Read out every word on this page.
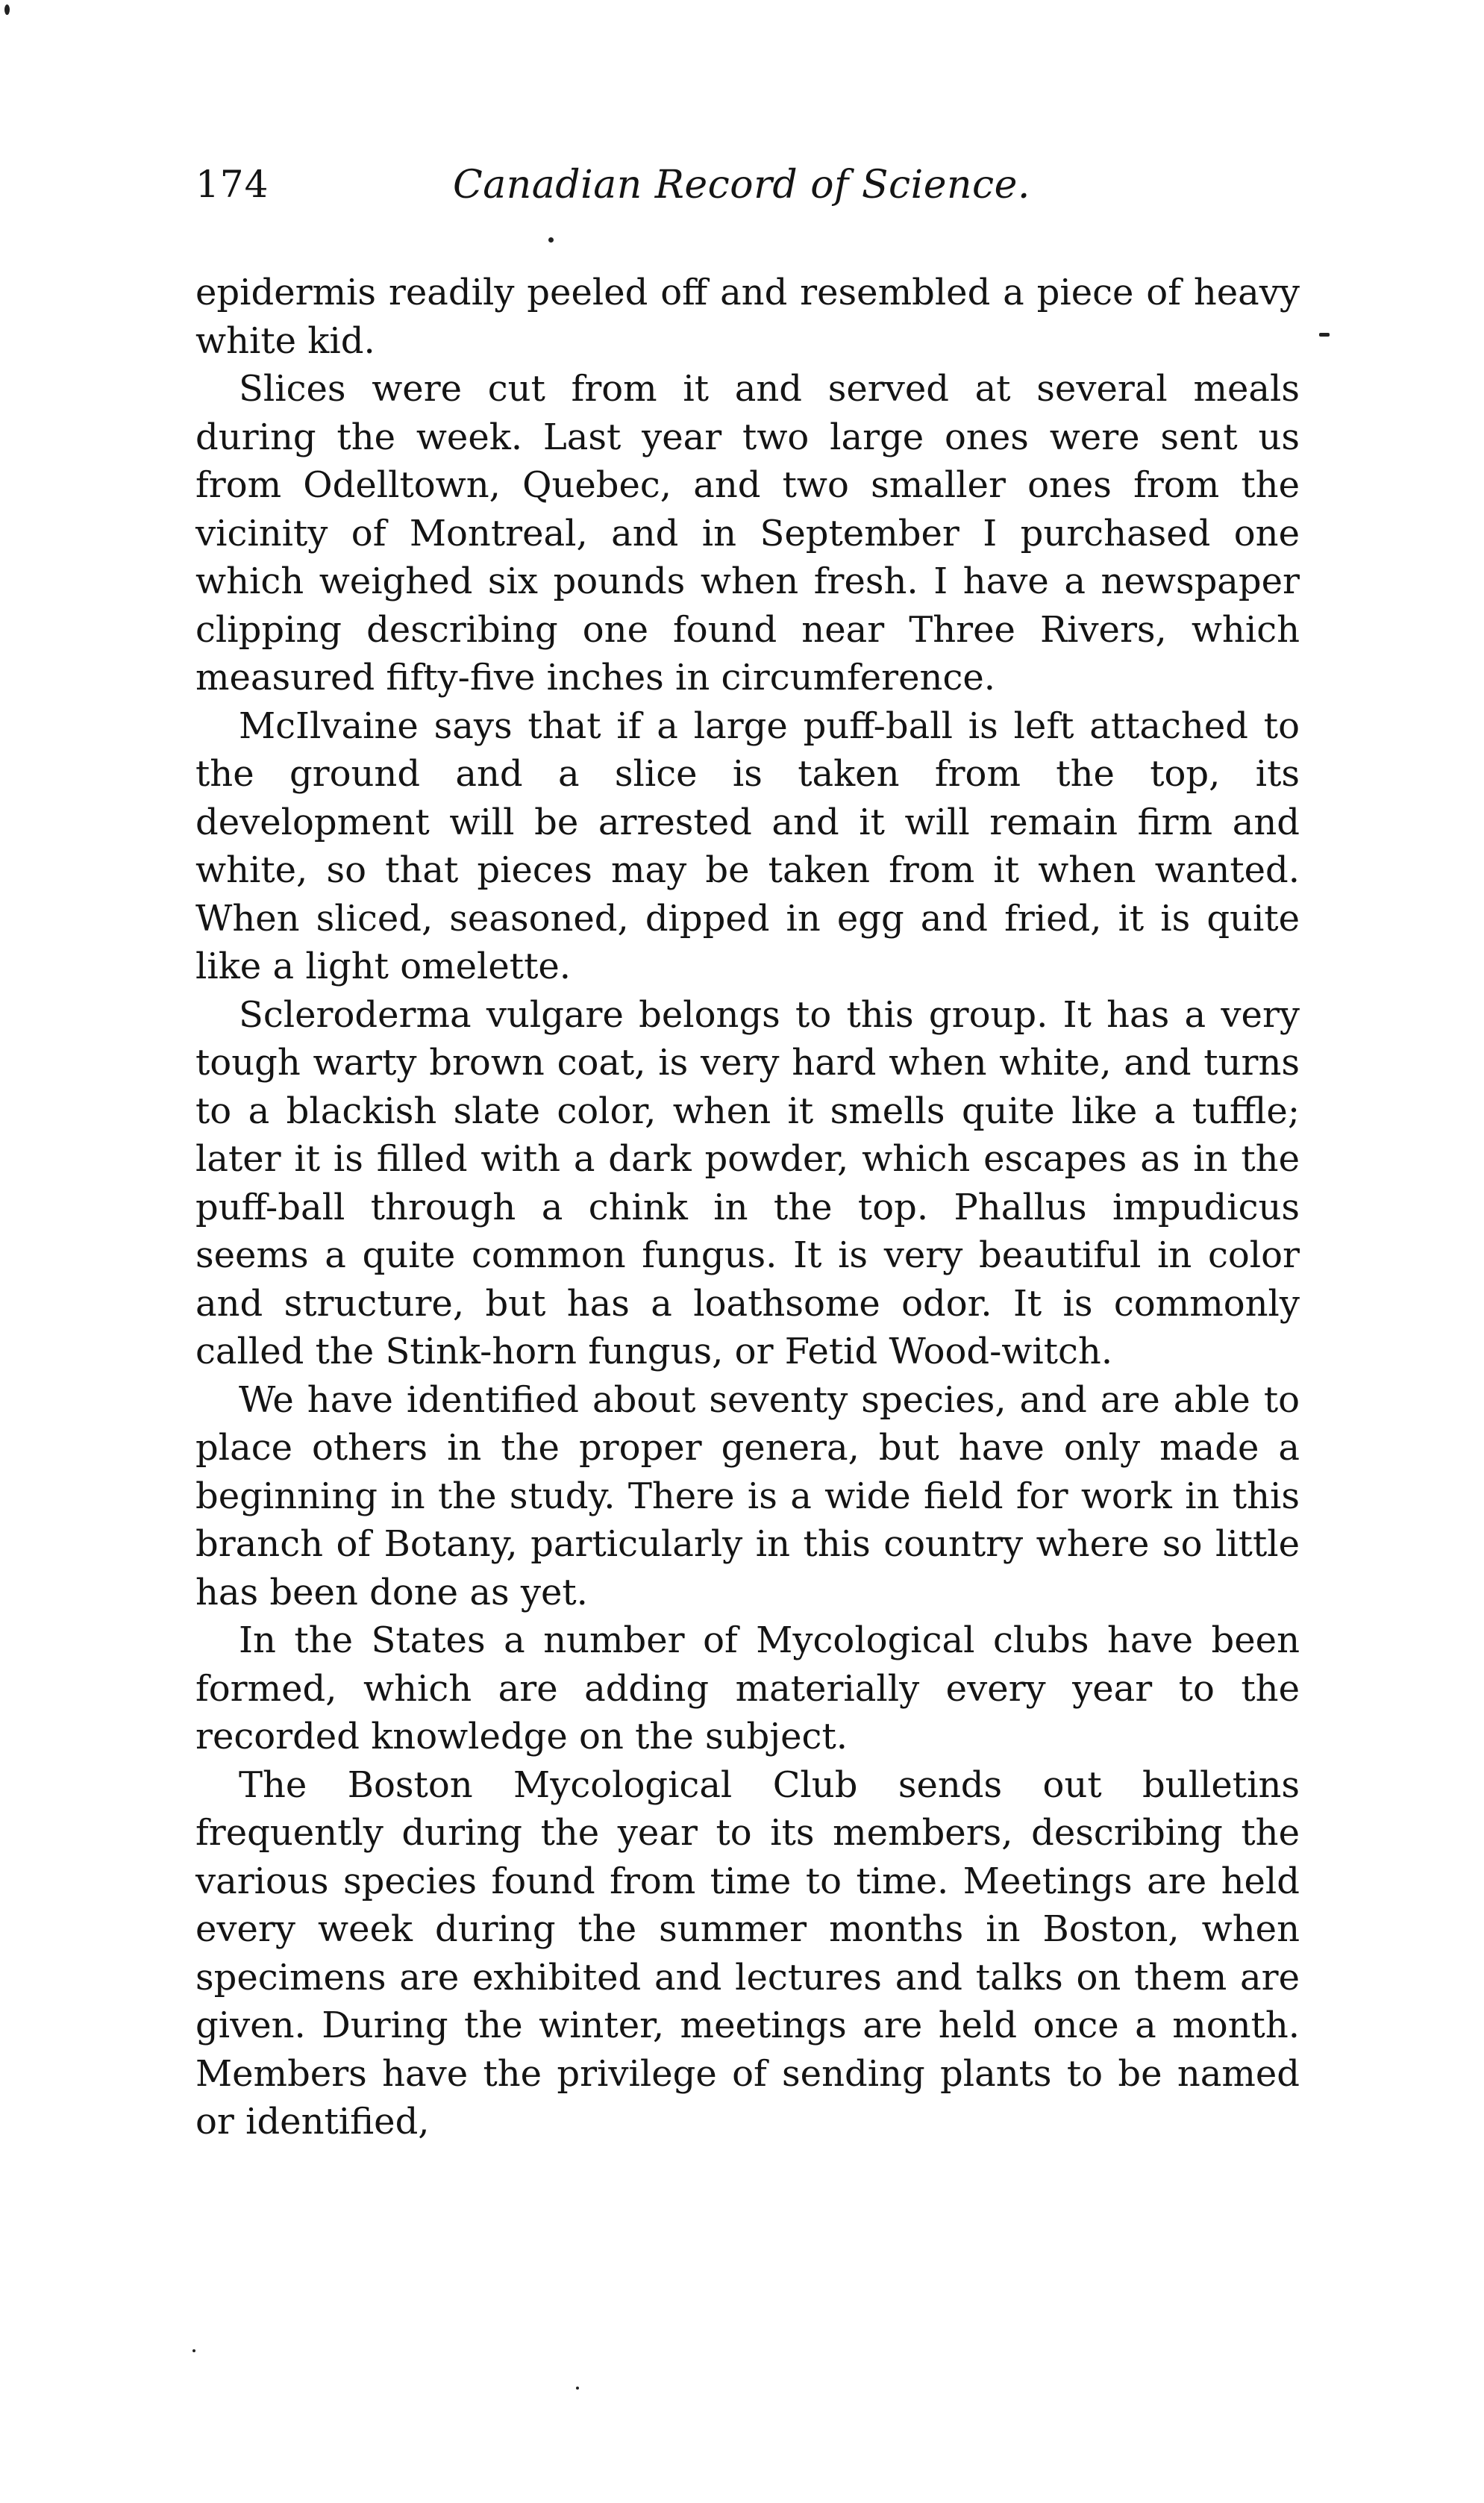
174	Canadian Record of Science.

epidermis readily peeled off and resembled a piece of heavy white kid.

Slices were cut from it and served at several meals during the week. Last year two large ones were sent us from Odelltown, Quebec, and two smaller ones from the vicinity of Montreal, and in September I purchased one which weighed six pounds when fresh. I have a newspaper clipping describing one found near Three Rivers, which measured fifty-five inches in circumference.

McIlvaine says that if a large puff-ball is left attached to the ground and a slice is taken from the top, its development will be arrested and it will remain firm and white, so that pieces may be taken from it when wanted. When sliced, seasoned, dipped in egg and fried, it is quite like a light omelette.

Scleroderma vulgare belongs to this group. It has a very tough warty brown coat, is very hard when white, and turns to a blackish slate color, when it smells quite like a tuffle; later it is filled with a dark powder, which escapes as in the puff-ball through a chink in the top. Phallus impudicus seems a quite common fungus. It is very beautiful in color and structure, but has a loathsome odor. It is commonly called the Stink-horn fungus, or Fetid Wood-witch.

We have identified about seventy species, and are able to place others in the proper genera, but have only made a beginning in the study. There is a wide field for work in this branch of Botany, particularly in this country where so little has been done as yet.

In the States a number of Mycological clubs have been formed, which are adding materially every year to the recorded knowledge on the subject.

The Boston Mycological Club sends out bulletins frequently during the year to its members, describing the various species found from time to time. Meetings are held every week during the summer months in Boston, when specimens are exhibited and lectures and talks on them are given. During the winter, meetings are held once a month. Members have the privilege of sending plants to be named or identified,
